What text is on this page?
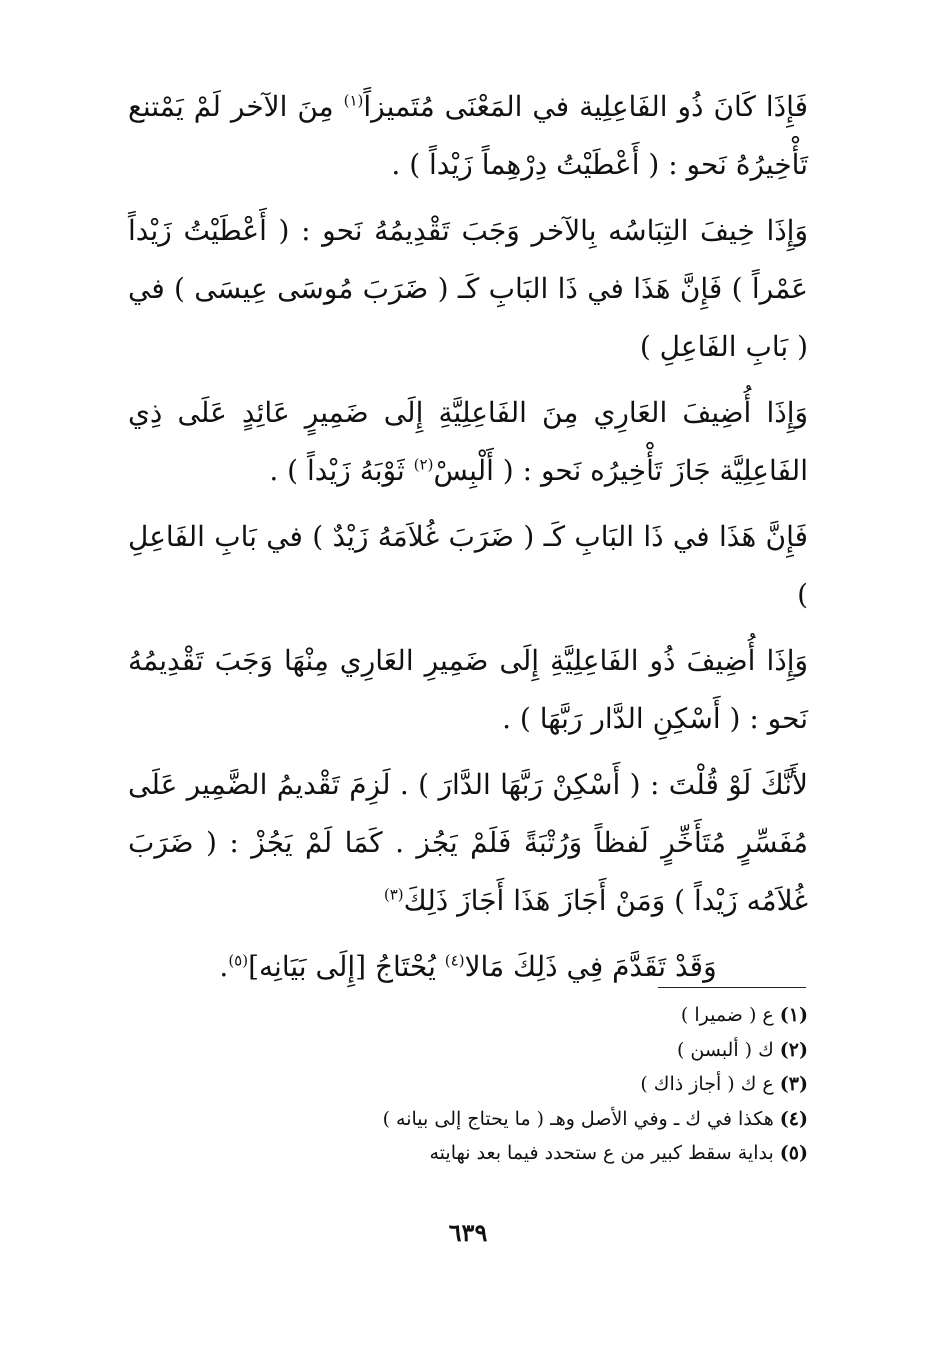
فَإِذَا كَانَ ذُو الفَاعِلِية في المَعْنَى مُتَميزاً$^{(١)}$ مِنَ الآخر لَمْ يَمْتنع تَأْخِيرُهُ نَحو : ( أَعْطَيْتُ دِرْهِماً زَيْداً ) .

وَإِذَا خِيفَ التِبَاسُه بِالآخر وَجَبَ تَقْدِيمُهُ نَحو : ( أَعْطَيْتُ زَيْداً عَمْراً ) فَإِنَّ هَذَا في ذَا البَابِ كَـ ( ضَرَبَ مُوسَى عِيسَى ) في ( بَابِ الفَاعِلِ )

وَإِذَا أُضِيفَ العَارِي مِنَ الفَاعِلِيَّةِ إِلَى ضَمِيرٍ عَائِدٍ عَلَى ذِي الفَاعِلِيَّة جَازَ تَأْخِيرُه نَحو : ( أَلْبِسْ$^{(٢)}$ ثَوْبَهُ زَيْداً ) .

فَإِنَّ هَذَا في ذَا البَابِ كَـ ( ضَرَبَ غُلاَمَهُ زَيْدٌ ) في بَابِ الفَاعِلِ )

وَإِذَا أُضِيفَ ذُو الفَاعِلِيَّةِ إِلَى ضَمِيرِ العَارِي مِنْهَا وَجَبَ تَقْدِيمُهُ نَحو : ( أَسْكِنِ الدَّار رَبَّهَا ) .

لأَنَّكَ لَوْ قُلْتَ : ( أَسْكِنْ رَبَّهَا الدَّارَ ) . لَزِمَ تَقْديمُ الضَّمِير عَلَى مُفَسِّرٍ مُتَأَخِّرٍ لَفظاً وَرُتْبَةً فَلَمْ يَجُز . كَمَا لَمْ يَجُزْ : ( ضَرَبَ غُلاَمُه زَيْداً ) وَمَنْ أَجَازَ هَذَا أَجَازَ ذَلِكَ$^{(٣)}$

وَقَدْ تَقَدَّمَ فِي ذَلِكَ مَالا$^{(٤)}$ يُحْتَاجُ [إِلَى بَيَانِه]$^{(٥)}$.

(١)ع ( ضميرا )
(٢)ك ( ألبسن )
(٣)ع ك ( أجاز ذاك )
(٤)هكذا في ك ـ وفي الأصل وهـ ( ما يحتاج إلى بيانه )
(٥)بداية سقط كبير من ع ستحدد فيما بعد نهايته
٦٣٩
